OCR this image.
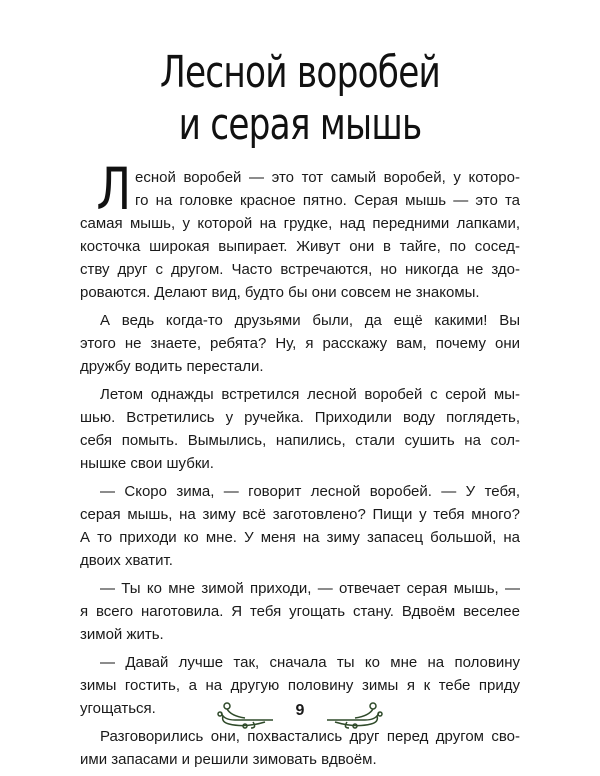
Лесной воробей
и серая мышь
Л есной воробей — это тот самый воробей, у которо-
го на головке красное пятно. Серая мышь — это та
самая мышь, у которой на грудке, над передними лапками,
косточка широкая выпирает. Живут они в тайге, по сосед-
ству друг с другом. Часто встречаются, но никогда не здо-
роваются. Делают вид, будто бы они совсем не знакомы.
А ведь когда-то друзьями были, да ещё какими! Вы
этого не знаете, ребята? Ну, я расскажу вам, почему они
дружбу водить перестали.
Летом однажды встретился лесной воробей с серой мы-
шью. Встретились у ручейка. Приходили воду поглядеть,
себя помыть. Вымылись, напились, стали сушить на сол-
нышке свои шубки.
— Скоро зима, — говорит лесной воробей. — У тебя,
серая мышь, на зиму всё заготовлено? Пищи у тебя много?
А то приходи ко мне. У меня на зиму запасец большой, на
двоих хватит.
— Ты ко мне зимой приходи, — отвечает серая мышь, —
я всего наготовила. Я тебя угощать стану. Вдвоём веселее
зимой жить.
— Давай лучше так, сначала ты ко мне на половину
зимы гостить, а на другую половину зимы я к тебе приду
угощаться.
Разговорились они, похвастались друг перед другом сво-
ими запасами и решили зимовать вдвоём.
9
